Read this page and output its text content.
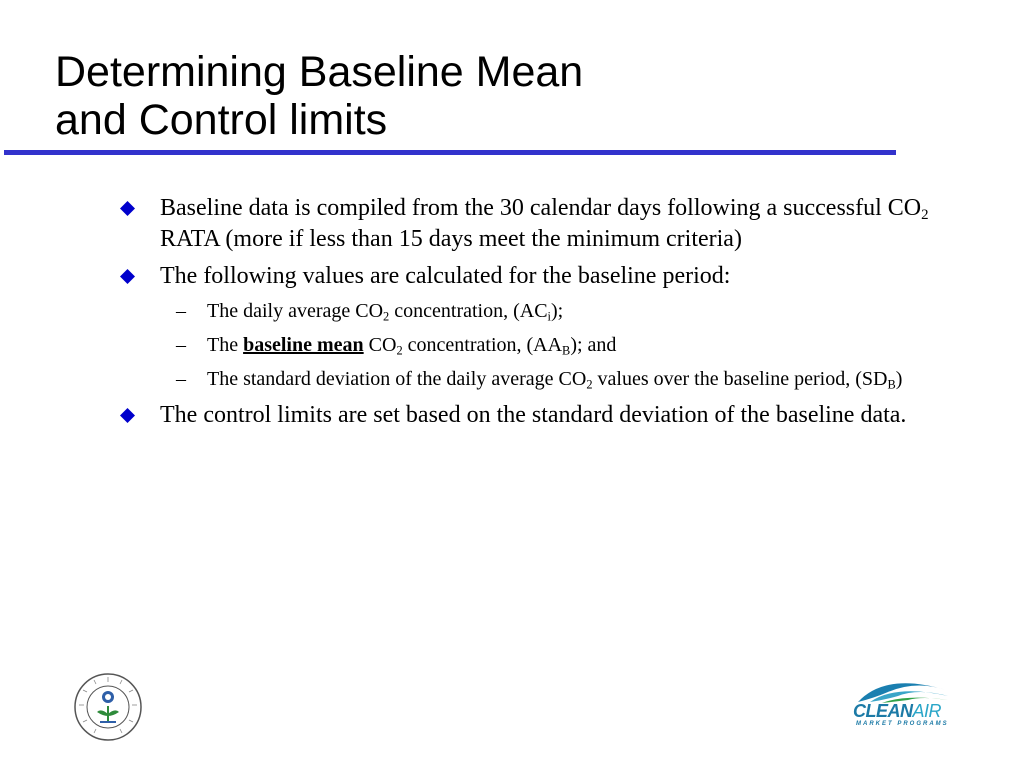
Determining Baseline Mean
and Control limits
Baseline data is compiled from the 30 calendar days following a successful $CO_2$ RATA (more if less than 15 days meet the minimum criteria)
The following values are calculated for the baseline period:
– The daily average $CO_2$ concentration, $(AC_i)$;
– The baseline mean $CO_2$ concentration, $(AA_B)$; and
– The standard deviation of the daily average $CO_2$ values over the baseline period, $(SD_B)$
The control limits are set based on the standard deviation of the baseline data.
CLEANAIR
MARKET PROGRAMS
